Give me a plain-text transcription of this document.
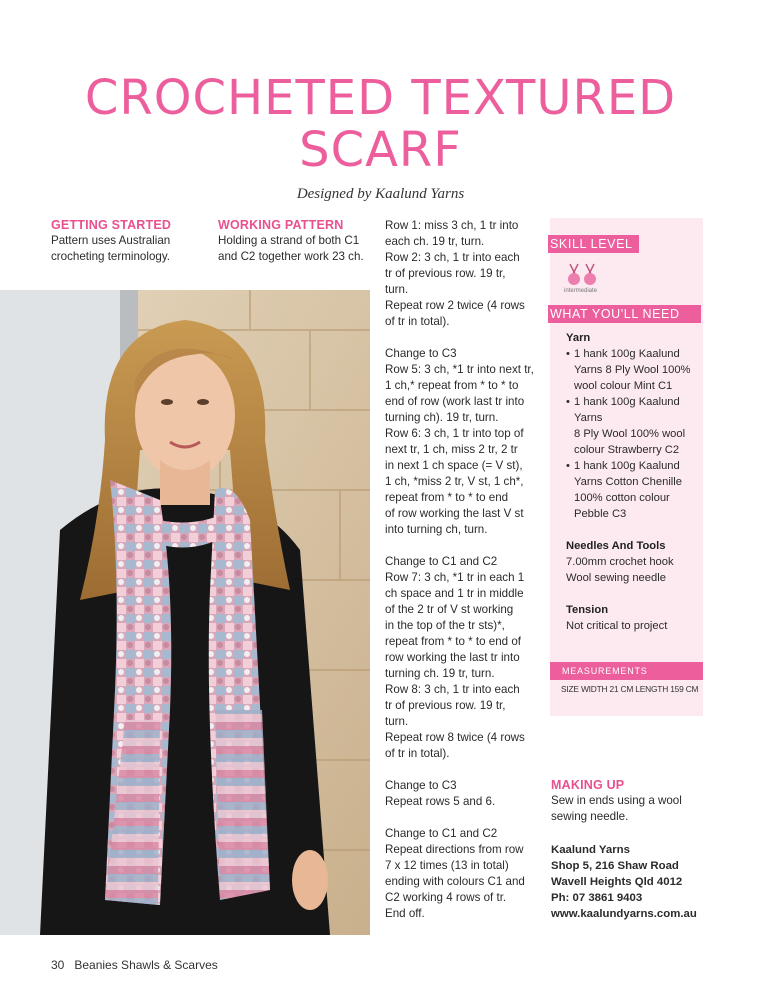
CROCHETED TEXTURED
SCARF
Designed by Kaalund Yarns
GETTING STARTED
Pattern uses Australian
crocheting terminology.
WORKING PATTERN
Holding a strand of both C1
and C2 together work 23 ch.
Row 1: miss 3 ch, 1 tr into
each ch. 19 tr, turn.
Row 2: 3 ch, 1 tr into each
tr of previous row. 19 tr,
turn.
Repeat row 2 twice (4 rows
of tr in total).
Change to C3
Row 5: 3 ch, *1 tr into next tr,
1 ch,* repeat from * to * to
end of row (work last tr into
turning ch). 19 tr, turn.
Row 6: 3 ch, 1 tr into top of
next tr, 1 ch, miss 2 tr, 2 tr
in next 1 ch space (= V st),
1 ch, *miss 2 tr, V st, 1 ch*,
repeat from * to * to end
of row working the last V st
into turning ch, turn.
Change to C1 and C2
Row 7: 3 ch, *1 tr in each 1
ch space and 1 tr in middle
of the 2 tr of V st working
in the top of the tr sts)*,
repeat from * to * to end of
row working the last tr into
turning ch. 19 tr, turn.
Row 8: 3 ch, 1 tr into each
tr of previous row. 19 tr,
turn.
Repeat row 8 twice (4 rows
of tr in total).
Change to C3
Repeat rows 5 and 6.
Change to C1 and C2
Repeat directions from row
7 x 12 times (13 in total)
ending with colours C1 and
C2 working 4 rows of tr.
End off.
SKILL LEVEL
intermediate
WHAT YOU'LL NEED
Yarn
• 1 hank 100g Kaalund
Yarns 8 Ply Wool 100%
wool colour Mint C1
• 1 hank 100g Kaalund
Yarns
8 Ply Wool 100% wool
colour Strawberry C2
• 1 hank 100g Kaalund
Yarns Cotton Chenille
100% cotton colour
Pebble C3
Needles And Tools
7.00mm crochet hook
Wool sewing needle
Tension
Not critical to project
MEASUREMENTS
SIZE WIDTH 21 CM LENGTH 159 CM
MAKING UP
Sew in ends using a wool
sewing needle.
Kaalund Yarns
Shop 5, 216 Shaw Road
Wavell Heights Qld 4012
Ph: 07 3861 9403
www.kaalundyarns.com.au
30 Beanies Shawls & Scarves
